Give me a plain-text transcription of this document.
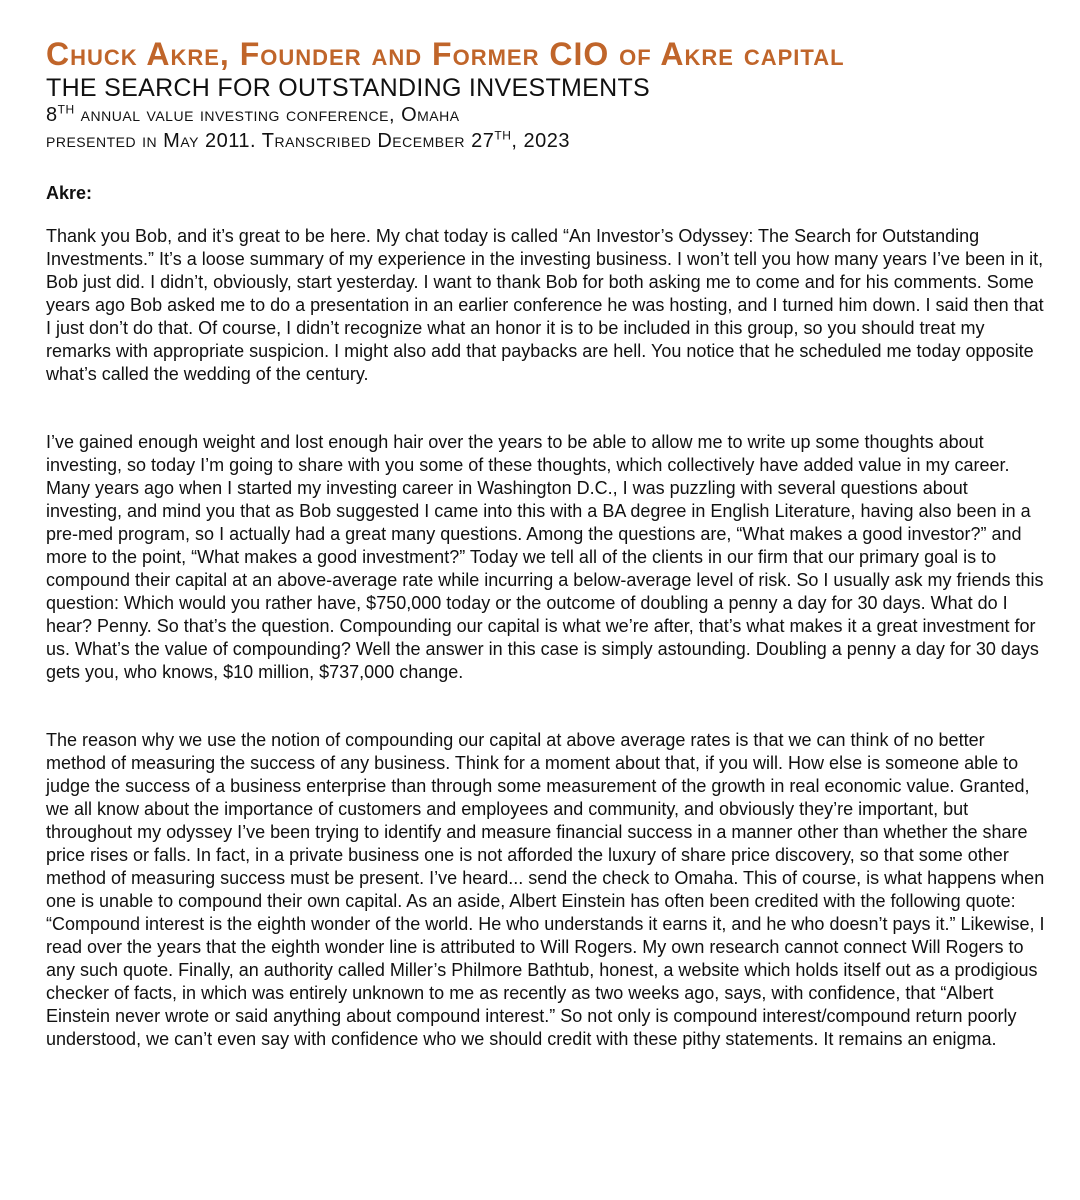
Chuck Akre, Founder and Former CIO of Akre capital

THE SEARCH FOR OUTSTANDING INVESTMENTS

8TH annual value investing conference, Omaha

presented in May 2011. Transcribed December 27TH, 2023

Akre:

Thank you Bob, and it’s great to be here. My chat today is called “An Investor’s Odyssey: The Search for Outstanding Investments.” It’s a loose summary of my experience in the investing business. I won’t tell you how many years I’ve been in it, Bob just did. I didn’t, obviously, start yesterday. I want to thank Bob for both asking me to come and for his comments. Some years ago Bob asked me to do a presentation in an earlier conference he was hosting, and I turned him down. I said then that I just don’t do that. Of course, I didn’t recognize what an honor it is to be included in this group, so you should treat my remarks with appropriate suspicion. I might also add that paybacks are hell. You notice that he scheduled me today opposite what’s called the wedding of the century.

I’ve gained enough weight and lost enough hair over the years to be able to allow me to write up some thoughts about investing, so today I’m going to share with you some of these thoughts, which collectively have added value in my career. Many years ago when I started my investing career in Washington D.C., I was puzzling with several questions about investing, and mind you that as Bob suggested I came into this with a BA degree in English Literature, having also been in a pre-med program, so I actually had a great many questions. Among the questions are, “What makes a good investor?” and more to the point, “What makes a good investment?” Today we tell all of the clients in our firm that our primary goal is to compound their capital at an above-average rate while incurring a below-average level of risk. So I usually ask my friends this question: Which would you rather have, $750,000 today or the outcome of doubling a penny a day for 30 days. What do I hear? Penny. So that’s the question. Compounding our capital is what we’re after, that’s what makes it a great investment for us. What’s the value of compounding? Well the answer in this case is simply astounding. Doubling a penny a day for 30 days gets you, who knows, $10 million, $737,000 change.

The reason why we use the notion of compounding our capital at above average rates is that we can think of no better method of measuring the success of any business. Think for a moment about that, if you will. How else is someone able to judge the success of a business enterprise than through some measurement of the growth in real economic value. Granted, we all know about the importance of customers and employees and community, and obviously they’re important, but throughout my odyssey I’ve been trying to identify and measure financial success in a manner other than whether the share price rises or falls. In fact, in a private business one is not afforded the luxury of share price discovery, so that some other method of measuring success must be present. I’ve heard... send the check to Omaha. This of course, is what happens when one is unable to compound their own capital. As an aside, Albert Einstein has often been credited with the following quote: “Compound interest is the eighth wonder of the world. He who understands it earns it, and he who doesn’t pays it.” Likewise, I read over the years that the eighth wonder line is attributed to Will Rogers. My own research cannot connect Will Rogers to any such quote. Finally, an authority called Miller’s Philmore Bathtub, honest, a website which holds itself out as a prodigious checker of facts, in which was entirely unknown to me as recently as two weeks ago, says, with confidence, that “Albert Einstein never wrote or said anything about compound interest.” So not only is compound interest/compound return poorly understood, we can’t even say with confidence who we should credit with these pithy statements. It remains an enigma.
